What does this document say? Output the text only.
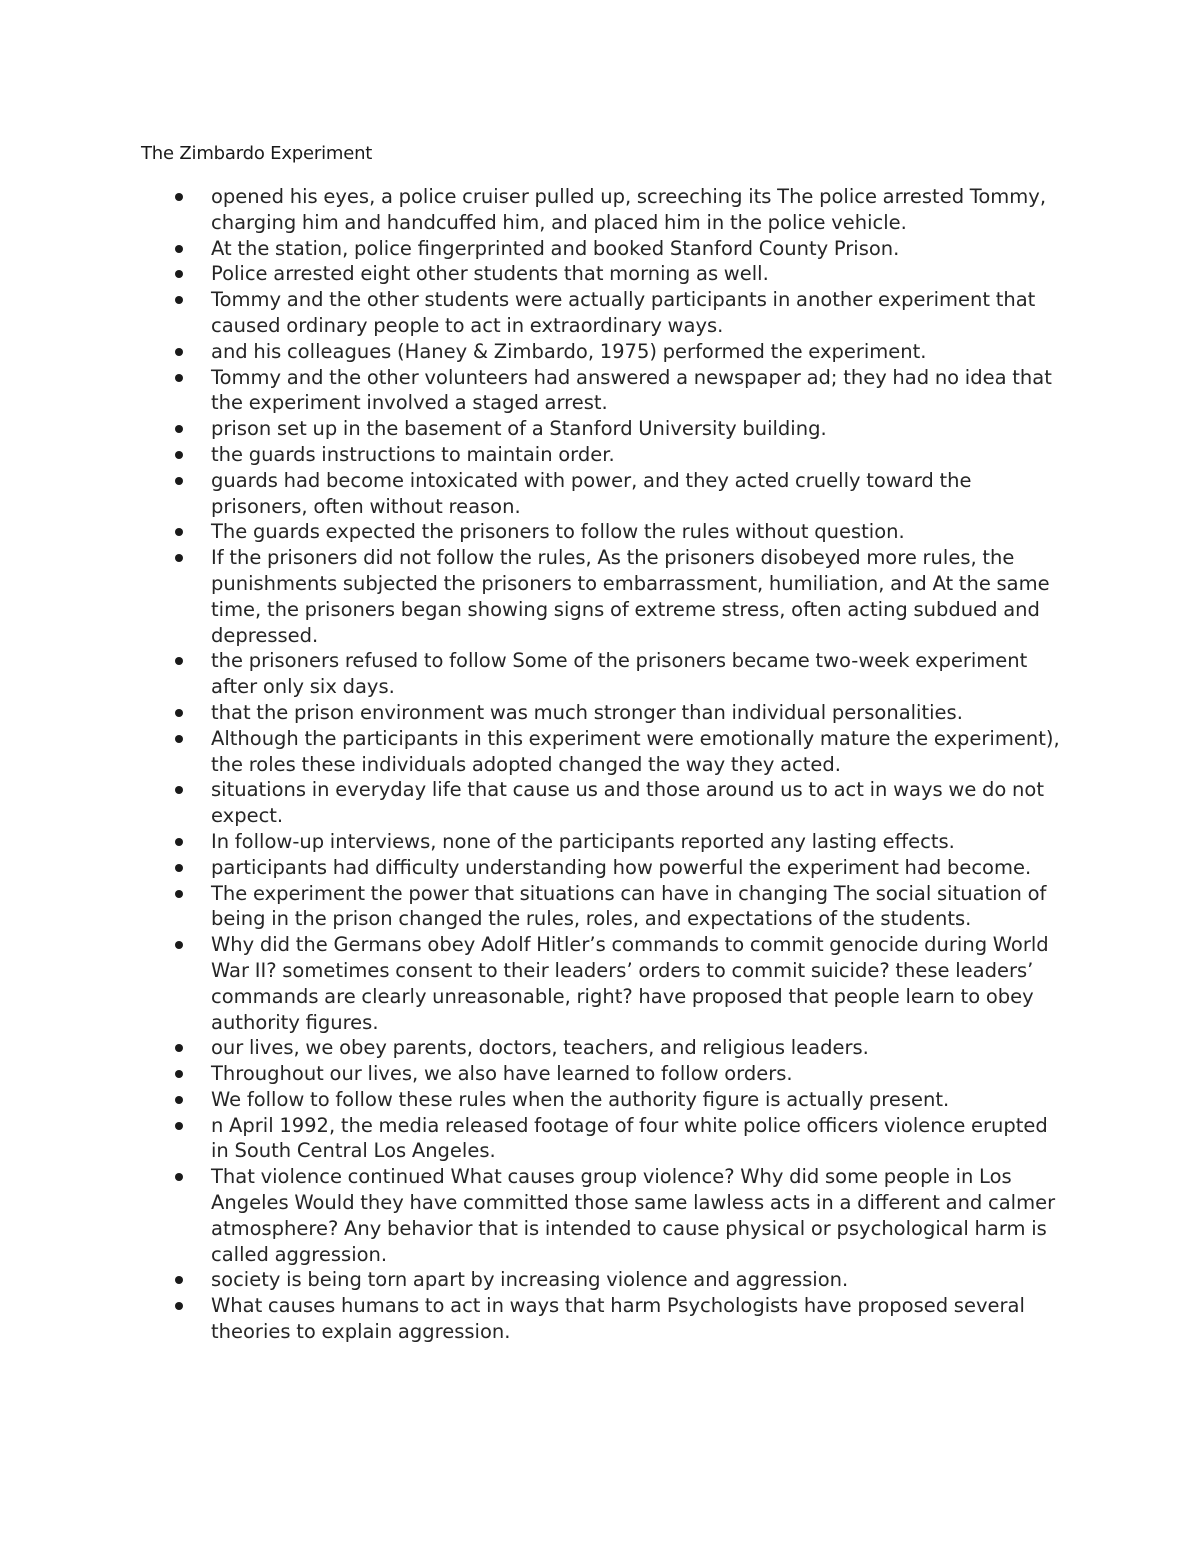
The Zimbardo Experiment
opened his eyes, a police cruiser pulled up, screeching its The police arrested Tommy, charging him and handcuffed him, and placed him in the police vehicle.
At the station, police fingerprinted and booked Stanford County Prison.
Police arrested eight other students that morning as well.
Tommy and the other students were actually participants in another experiment that caused ordinary people to act in extraordinary ways.
and his colleagues (Haney & Zimbardo, 1975) performed the experiment.
Tommy and the other volunteers had answered a newspaper ad; they had no idea that the experiment involved a staged arrest.
prison set up in the basement of a Stanford University building.
the guards instructions to maintain order.
guards had become intoxicated with power, and they acted cruelly toward the prisoners, often without reason.
The guards expected the prisoners to follow the rules without question.
If the prisoners did not follow the rules, As the prisoners disobeyed more rules, the punishments subjected the prisoners to embarrassment, humiliation, and At the same time, the prisoners began showing signs of extreme stress, often acting subdued and depressed.
the prisoners refused to follow Some of the prisoners became two-week experiment after only six days.
that the prison environment was much stronger than individual personalities.
Although the participants in this experiment were emotionally mature the experiment), the roles these individuals adopted changed the way they acted.
situations in everyday life that cause us and those around us to act in ways we do not expect.
In follow-up interviews, none of the participants reported any lasting effects.
participants had difficulty understanding how powerful the experiment had become.
The experiment the power that situations can have in changing The social situation of being in the prison changed the rules, roles, and expectations of the students.
Why did the Germans obey Adolf Hitler’s commands to commit genocide during World War II? sometimes consent to their leaders’ orders to commit suicide? these leaders’ commands are clearly unreasonable, right? have proposed that people learn to obey authority figures.
our lives, we obey parents, doctors, teachers, and religious leaders.
Throughout our lives, we also have learned to follow orders.
We follow to follow these rules when the authority figure is actually present.
n April 1992, the media released footage of four white police officers violence erupted in South Central Los Angeles.
That violence continued What causes group violence? Why did some people in Los Angeles Would they have committed those same lawless acts in a different and calmer atmosphere? Any behavior that is intended to cause physical or psychological harm is called aggression.
society is being torn apart by increasing violence and aggression.
What causes humans to act in ways that harm Psychologists have proposed several theories to explain aggression.
